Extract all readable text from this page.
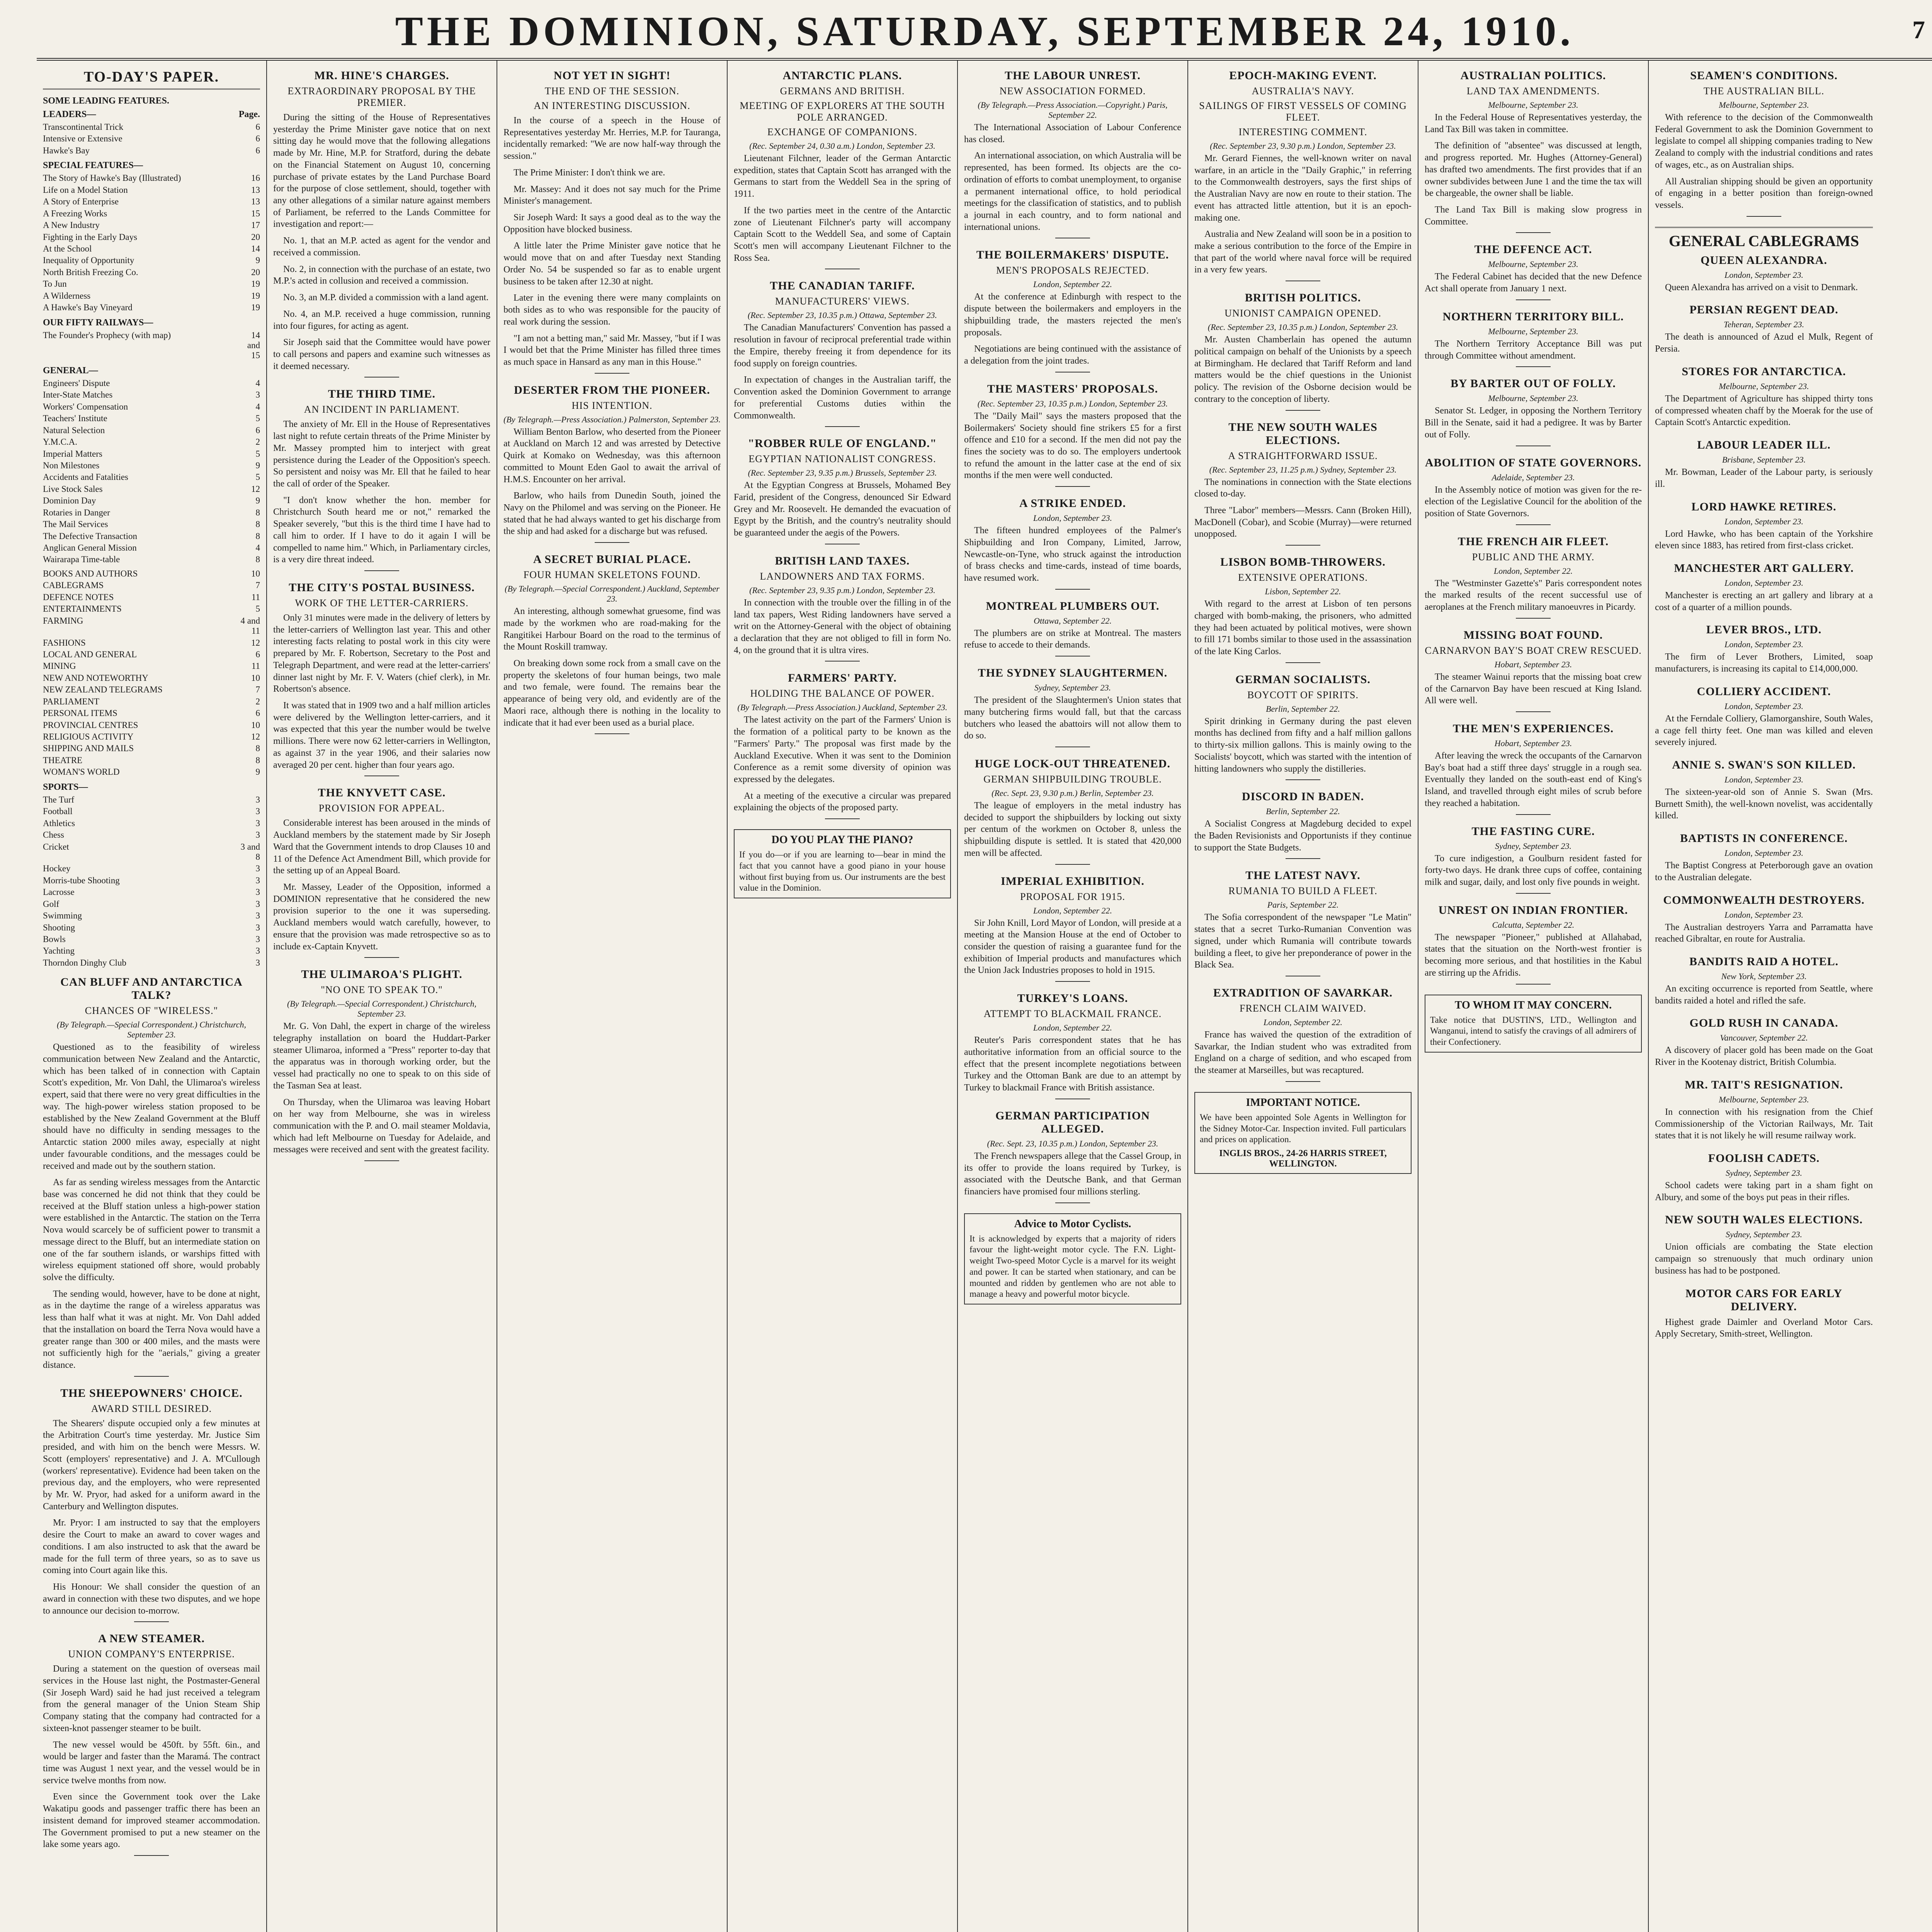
THE DOMINION, SATURDAY, SEPTEMBER 24, 1910.	7
TO-DAY'S PAPER.
SOME LEADING FEATURES.
LEADERS—	Page.
Transcontinental Trick	6
Intensive or Extensive	6
Hawke's Bay	6
SPECIAL FEATURES—
The Story of Hawke's Bay (Illustrated)	16
Life on a Model Station	13
A Story of Enterprise	13
A Freezing Works	15
A New Industry	17
Fighting in the Early Days	20
At the School	14
Inequality of Opportunity	9
North British Freezing Co.	20
To Jun	19
A Wilderness	19
A Hawke's Bay Vineyard	19
OUR FIFTY RAILWAYS—
The Founder's Prophecy (with map)	14 and 15
GENERAL—
Engineers' Dispute	4
Inter-State Matches	3
Workers' Compensation	4
Teachers' Institute	5
Natural Selection	6
Y.M.C.A.	2
Imperial Matters	5
Non Milestones	9
Accidents and Fatalities	5
Live Stock Sales	12
Dominion Day	9
Rotaries in Danger	8
The Mail Services	8
The Defective Transaction	8
Anglican General Mission	4
Wairarapa Time-table	8
BOOKS AND AUTHORS	10
CABLEGRAMS	7
DEFENCE NOTES	11
ENTERTAINMENTS	5
FARMING	4 and 11
FASHIONS	12
LOCAL AND GENERAL	6
MINING	11
NEW AND NOTEWORTHY	10
NEW ZEALAND TELEGRAMS	7
PARLIAMENT	2
PERSONAL ITEMS	6
PROVINCIAL CENTRES	10
RELIGIOUS ACTIVITY	12
SHIPPING AND MAILS	8
THEATRE	8
WOMAN'S WORLD	9
SPORTS—
The Turf	3
Football	3
Athletics	3
Chess	3
Cricket	3 and 8
Hockey	3
Morris-tube Shooting	3
Lacrosse	3
Golf	3
Swimming	3
Shooting	3
Bowls	3
Yachting	3
Thorndon Dinghy Club	3
CAN BLUFF AND ANTARCTICA TALK?
CHANCES OF "WIRELESS."
(By Telegraph.—Special Correspondent.) Christchurch, September 23.

Questioned as to the feasibility of wireless communication between New Zealand and the Antarctic, which has been talked of in connection with Captain Scott's expedition, Mr. Von Dahl, the Ulimaroa's wireless expert, said that there were no very great difficulties in the way. The high-power wireless station proposed to be established by the New Zealand Government at the Bluff should have no difficulty in sending messages to the Antarctic station 2000 miles away, especially at night under favourable conditions, and the messages could be received and made out by the southern station.

As far as sending wireless messages from the Antarctic base was concerned he did not think that they could be received at the Bluff station unless a high-power station were established in the Antarctic. The station on the Terra Nova would scarcely be of sufficient power to transmit a message direct to the Bluff, but an intermediate station on one of the far southern islands, or warships fitted with wireless equipment stationed off shore, would probably solve the difficulty.

The sending would, however, have to be done at night, as in the daytime the range of a wireless apparatus was less than half what it was at night. Mr. Von Dahl added that the installation on board the Terra Nova would have a greater range than 300 or 400 miles, and the masts were not sufficiently high for the "aerials," giving a greater distance.

THE SHEEPOWNERS' CHOICE.
AWARD STILL DESIRED.

The Shearers' dispute occupied only a few minutes at the Arbitration Court's time yesterday. Mr. Justice Sim presided, and with him on the bench were Messrs. W. Scott (employers' representative) and J. A. M'Cullough (workers' representative). Evidence had been taken on the previous day, and the employers, who were represented by Mr. W. Pryor, had asked for a uniform award in the Canterbury and Wellington disputes.

Mr. Pryor: I am instructed to say that the employers desire the Court to make an award to cover wages and conditions. I am also instructed to ask that the award be made for the full term of three years, so as to save us coming into Court again like this.

His Honour: We shall consider the question of an award in connection with these two disputes, and we hope to announce our decision to-morrow.

A NEW STEAMER.
UNION COMPANY'S ENTERPRISE.

During a statement on the question of overseas mail services in the House last night, the Postmaster-General (Sir Joseph Ward) said he had just received a telegram from the general manager of the Union Steam Ship Company stating that the company had contracted for a sixteen-knot passenger steamer to be built.

The new vessel would be 450ft. by 55ft. 6in., and would be larger and faster than the Maramá. The contract time was August 1 next year, and the vessel would be in service twelve months from now.

Even since the Government took over the Lake Wakatipu goods and passenger traffic there has been an insistent demand for improved steamer accommodation. The Government promised to put a new steamer on the lake some years ago.

MR. HINE'S CHARGES.
EXTRAORDINARY PROPOSAL BY THE PREMIER.

During the sitting of the House of Representatives yesterday the Prime Minister gave notice that on next sitting day he would move that the following allegations made by Mr. Hine, M.P. for Stratford, during the debate on the Financial Statement on August 10, concerning purchase of private estates by the Land Purchase Board for the purpose of close settlement, should, together with any other allegations of a similar nature against members of Parliament, be referred to the Lands Committee for investigation and report:—

No. 1, that an M.P. acted as agent for the vendor and received a commission.

No. 2, in connection with the purchase of an estate, two M.P.'s acted in collusion and received a commission.

No. 3, an M.P. divided a commission with a land agent.

No. 4, an M.P. received a huge commission, running into four figures, for acting as agent.

Sir Joseph said that the Committee would have power to call persons and papers and examine such witnesses as it deemed necessary.

THE THIRD TIME.
AN INCIDENT IN PARLIAMENT.

The anxiety of Mr. Ell in the House of Representatives last night to refute certain threats of the Prime Minister by Mr. Massey prompted him to interject with great persistence during the Leader of the Opposition's speech. So persistent and noisy was Mr. Ell that he failed to hear the call of order of the Speaker.

"I don't know whether the hon. member for Christchurch South heard me or not," remarked the Speaker severely, "but this is the third time I have had to call him to order. If I have to do it again I will be compelled to name him." Which, in Parliamentary circles, is a very dire threat indeed.

THE CITY'S POSTAL BUSINESS.
WORK OF THE LETTER-CARRIERS.

Only 31 minutes were made in the delivery of letters by the letter-carriers of Wellington last year. This and other interesting facts relating to postal work in this city were prepared by Mr. F. Robertson, Secretary to the Post and Telegraph Department, and were read at the letter-carriers' dinner last night by Mr. F. V. Waters (chief clerk), in Mr. Robertson's absence.

It was stated that in 1909 two and a half million articles were delivered by the Wellington letter-carriers, and it was expected that this year the number would be twelve millions. There were now 62 letter-carriers in Wellington, as against 37 in the year 1906, and their salaries now averaged 20 per cent. higher than four years ago.

THE KNYVETT CASE.
PROVISION FOR APPEAL.

Considerable interest has been aroused in the minds of Auckland members by the statement made by Sir Joseph Ward that the Government intends to drop Clauses 10 and 11 of the Defence Act Amendment Bill, which provide for the setting up of an Appeal Board.

Mr. Massey, Leader of the Opposition, informed a DOMINION representative that he considered the new provision superior to the one it was superseding. Auckland members would watch carefully, however, to ensure that the provision was made retrospective so as to include ex-Captain Knyvett.

THE ULIMAROA'S PLIGHT.
"NO ONE TO SPEAK TO."
(By Telegraph.—Special Correspondent.) Christchurch, September 23.

Mr. G. Von Dahl, the expert in charge of the wireless telegraphy installation on board the Huddart-Parker steamer Ulimaroa, informed a "Press" reporter to-day that the apparatus was in thorough working order, but the vessel had practically no one to speak to on this side of the Tasman Sea at least.

On Thursday, when the Ulimaroa was leaving Hobart on her way from Melbourne, she was in wireless communication with the P. and O. mail steamer Moldavia, which had left Melbourne on Tuesday for Adelaide, and messages were received and sent with the greatest facility.

NOT YET IN SIGHT!
THE END OF THE SESSION.
AN INTERESTING DISCUSSION.

In the course of a speech in the House of Representatives yesterday Mr. Herries, M.P. for Tauranga, incidentally remarked: "We are now half-way through the session."

The Prime Minister: I don't think we are.

Mr. Massey: And it does not say much for the Prime Minister's management.

Sir Joseph Ward: It says a good deal as to the way the Opposition have blocked business.

A little later the Prime Minister gave notice that he would move that on and after Tuesday next Standing Order No. 54 be suspended so far as to enable urgent business to be taken after 12.30 at night.

Later in the evening there were many complaints on both sides as to who was responsible for the paucity of real work during the session.

"I am not a betting man," said Mr. Massey, "but if I was I would bet that the Prime Minister has filled three times as much space in Hansard as any man in this House."

DESERTER FROM THE PIONEER.
HIS INTENTION.
(By Telegraph.—Press Association.) Palmerston, September 23.

William Benton Barlow, who deserted from the Pioneer at Auckland on March 12 and was arrested by Detective Quirk at Komako on Wednesday, was this afternoon committed to Mount Eden Gaol to await the arrival of H.M.S. Encounter on her arrival.

Barlow, who hails from Dunedin South, joined the Navy on the Philomel and was serving on the Pioneer. He stated that he had always wanted to get his discharge from the ship and had asked for a discharge but was refused.

A SECRET BURIAL PLACE.
FOUR HUMAN SKELETONS FOUND.
(By Telegraph.—Special Correspondent.) Auckland, September 23.

An interesting, although somewhat gruesome, find was made by the workmen who are road-making for the Rangitikei Harbour Board on the road to the terminus of the Mount Roskill tramway.

On breaking down some rock from a small cave on the property the skeletons of four human beings, two male and two female, were found. The remains bear the appearance of being very old, and evidently are of the Maori race, although there is nothing in the locality to indicate that it had ever been used as a burial place.

ANTARCTIC PLANS.
GERMANS AND BRITISH.
MEETING OF EXPLORERS AT THE SOUTH POLE ARRANGED.
EXCHANGE OF COMPANIONS.
(Rec. September 24, 0.30 a.m.) London, September 23.

Lieutenant Filchner, leader of the German Antarctic expedition, states that Captain Scott has arranged with the Germans to start from the Weddell Sea in the spring of 1911.

If the two parties meet in the centre of the Antarctic zone of Lieutenant Filchner's party will accompany Captain Scott to the Weddell Sea, and some of Captain Scott's men will accompany Lieutenant Filchner to the Ross Sea.

THE CANADIAN TARIFF.
MANUFACTURERS' VIEWS.
(Rec. September 23, 10.35 p.m.) Ottawa, September 23.

The Canadian Manufacturers' Convention has passed a resolution in favour of reciprocal preferential trade within the Empire, thereby freeing it from dependence for its food supply on foreign countries.

In expectation of changes in the Australian tariff, the Convention asked the Dominion Government to arrange for preferential Customs duties within the Commonwealth.

"ROBBER RULE OF ENGLAND."
EGYPTIAN NATIONALIST CONGRESS.
(Rec. September 23, 9.35 p.m.) Brussels, September 23.

At the Egyptian Congress at Brussels, Mohamed Bey Farid, president of the Congress, denounced Sir Edward Grey and Mr. Roosevelt. He demanded the evacuation of Egypt by the British, and the country's neutrality should be guaranteed under the aegis of the Powers.

BRITISH LAND TAXES.
LANDOWNERS AND TAX FORMS.
(Rec. September 23, 9.35 p.m.) London, September 23.

In connection with the trouble over the filling in of the land tax papers, West Riding landowners have served a writ on the Attorney-General with the object of obtaining a declaration that they are not obliged to fill in form No. 4, on the ground that it is ultra vires.

FARMERS' PARTY.
HOLDING THE BALANCE OF POWER.
(By Telegraph.—Press Association.) Auckland, September 23.

The latest activity on the part of the Farmers' Union is the formation of a political party to be known as the "Farmers' Party." The proposal was first made by the Auckland Executive. When it was sent to the Dominion Conference as a remit some diversity of opinion was expressed by the delegates.

At a meeting of the executive a circular was prepared explaining the objects of the proposed party.

DO YOU PLAY THE PIANO?

If you do—or if you are learning to—bear in mind the fact that you cannot have a good piano in your house without first buying from us. Our instruments are the best value in the Dominion.

THE LABOUR UNREST.
NEW ASSOCIATION FORMED.
(By Telegraph.—Press Association.—Copyright.) Paris, September 22.

The International Association of Labour Conference has closed.

An international association, on which Australia will be represented, has been formed. Its objects are the co-ordination of efforts to combat unemployment, to organise a permanent international office, to hold periodical meetings for the classification of statistics, and to publish a journal in each country, and to form national and international unions.

THE BOILERMAKERS' DISPUTE.
MEN'S PROPOSALS REJECTED.
London, September 22.

At the conference at Edinburgh with respect to the dispute between the boilermakers and employers in the shipbuilding trade, the masters rejected the men's proposals.

Negotiations are being continued with the assistance of a delegation from the joint trades.

THE MASTERS' PROPOSALS.
(Rec. September 23, 10.35 p.m.) London, September 23.

The "Daily Mail" says the masters proposed that the Boilermakers' Society should fine strikers £5 for a first offence and £10 for a second. If the men did not pay the fines the society was to do so. The employers undertook to refund the amount in the latter case at the end of six months if the men were well conducted.

A STRIKE ENDED.
London, September 23.

The fifteen hundred employees of the Palmer's Shipbuilding and Iron Company, Limited, Jarrow, Newcastle-on-Tyne, who struck against the introduction of brass checks and time-cards, instead of time boards, have resumed work.

MONTREAL PLUMBERS OUT.
Ottawa, September 22.

The plumbers are on strike at Montreal. The masters refuse to accede to their demands.

THE SYDNEY SLAUGHTERMEN.
Sydney, September 23.

The president of the Slaughtermen's Union states that many butchering firms would fall, but that the carcass butchers who leased the abattoirs will not allow them to do so.

HUGE LOCK-OUT THREATENED.
GERMAN SHIPBUILDING TROUBLE.
(Rec. Sept. 23, 9.30 p.m.) Berlin, September 23.

The league of employers in the metal industry has decided to support the shipbuilders by locking out sixty per centum of the workmen on October 8, unless the shipbuilding dispute is settled. It is stated that 420,000 men will be affected.

IMPERIAL EXHIBITION.
PROPOSAL FOR 1915.
London, September 22.

Sir John Knill, Lord Mayor of London, will preside at a meeting at the Mansion House at the end of October to consider the question of raising a guarantee fund for the exhibition of Imperial products and manufactures which the Union Jack Industries proposes to hold in 1915.

TURKEY'S LOANS.
ATTEMPT TO BLACKMAIL FRANCE.
London, September 22.

Reuter's Paris correspondent states that he has authoritative information from an official source to the effect that the present incomplete negotiations between Turkey and the Ottoman Bank are due to an attempt by Turkey to blackmail France with British assistance.

GERMAN PARTICIPATION ALLEGED.
(Rec. Sept. 23, 10.35 p.m.) London, September 23.

The French newspapers allege that the Cassel Group, in its offer to provide the loans required by Turkey, is associated with the Deutsche Bank, and that German financiers have promised four millions sterling.

Advice to Motor Cyclists.

It is acknowledged by experts that a majority of riders favour the light-weight motor cycle. The F.N. Light-weight Two-speed Motor Cycle is a marvel for its weight and power. It can be started when stationary, and can be mounted and ridden by gentlemen who are not able to manage a heavy and powerful motor bicycle.

EPOCH-MAKING EVENT.
AUSTRALIA'S NAVY.
SAILINGS OF FIRST VESSELS OF COMING FLEET.
INTERESTING COMMENT.
(Rec. September 23, 9.30 p.m.) London, September 23.

Mr. Gerard Fiennes, the well-known writer on naval warfare, in an article in the "Daily Graphic," in referring to the Commonwealth destroyers, says the first ships of the Australian Navy are now en route to their station. The event has attracted little attention, but it is an epoch-making one.

Australia and New Zealand will soon be in a position to make a serious contribution to the force of the Empire in that part of the world where naval force will be required in a very few years.

BRITISH POLITICS.
UNIONIST CAMPAIGN OPENED.
(Rec. September 23, 10.35 p.m.) London, September 23.

Mr. Austen Chamberlain has opened the autumn political campaign on behalf of the Unionists by a speech at Birmingham. He declared that Tariff Reform and land matters would be the chief questions in the Unionist policy. The revision of the Osborne decision would be contrary to the conception of liberty.

THE NEW SOUTH WALES ELECTIONS.
A STRAIGHTFORWARD ISSUE.
(Rec. September 23, 11.25 p.m.) Sydney, September 23.

The nominations in connection with the State elections closed to-day.

Three "Labor" members—Messrs. Cann (Broken Hill), MacDonell (Cobar), and Scobie (Murray)—were returned unopposed.

LISBON BOMB-THROWERS.
EXTENSIVE OPERATIONS.
Lisbon, September 22.

With regard to the arrest at Lisbon of ten persons charged with bomb-making, the prisoners, who admitted they had been actuated by political motives, were shown to fill 171 bombs similar to those used in the assassination of the late King Carlos.

GERMAN SOCIALISTS.
BOYCOTT OF SPIRITS.
Berlin, September 22.

Spirit drinking in Germany during the past eleven months has declined from fifty and a half million gallons to thirty-six million gallons. This is mainly owing to the Socialists' boycott, which was started with the intention of hitting landowners who supply the distilleries.

DISCORD IN BADEN.
Berlin, September 22.

A Socialist Congress at Magdeburg decided to expel the Baden Revisionists and Opportunists if they continue to support the State Budgets.

THE LATEST NAVY.
RUMANIA TO BUILD A FLEET.
Paris, September 22.

The Sofia correspondent of the newspaper "Le Matin" states that a secret Turko-Rumanian Convention was signed, under which Rumania will contribute towards building a fleet, to give her preponderance of power in the Black Sea.

EXTRADITION OF SAVARKAR.
FRENCH CLAIM WAIVED.
London, September 22.

France has waived the question of the extradition of Savarkar, the Indian student who was extradited from England on a charge of sedition, and who escaped from the steamer at Marseilles, but was recaptured.

IMPORTANT NOTICE.

We have been appointed Sole Agents in Wellington for the Sidney Motor-Car. Inspection invited. Full particulars and prices on application.

INGLIS BROS., 24-26 HARRIS STREET, WELLINGTON.
AUSTRALIAN POLITICS.
LAND TAX AMENDMENTS.
Melbourne, September 23.

In the Federal House of Representatives yesterday, the Land Tax Bill was taken in committee.

The definition of "absentee" was discussed at length, and progress reported. Mr. Hughes (Attorney-General) has drafted two amendments. The first provides that if an owner subdivides between June 1 and the time the tax will be chargeable, the owner shall be liable.

The Land Tax Bill is making slow progress in Committee.

THE DEFENCE ACT.
Melbourne, September 23.

The Federal Cabinet has decided that the new Defence Act shall operate from January 1 next.

NORTHERN TERRITORY BILL.
Melbourne, September 23.

The Northern Territory Acceptance Bill was put through Committee without amendment.

BY BARTER OUT OF FOLLY.
Melbourne, September 23.

Senator St. Ledger, in opposing the Northern Territory Bill in the Senate, said it had a pedigree. It was by Barter out of Folly.

ABOLITION OF STATE GOVERNORS.
Adelaide, September 23.

In the Assembly notice of motion was given for the re-election of the Legislative Council for the abolition of the position of State Governors.

THE FRENCH AIR FLEET.
PUBLIC AND THE ARMY.
London, September 22.

The "Westminster Gazette's" Paris correspondent notes the marked results of the recent successful use of aeroplanes at the French military manoeuvres in Picardy.

MISSING BOAT FOUND.
CARNARVON BAY'S BOAT CREW RESCUED.
Hobart, September 23.

The steamer Wainui reports that the missing boat crew of the Carnarvon Bay have been rescued at King Island. All were well.

THE MEN'S EXPERIENCES.
Hobart, September 23.

After leaving the wreck the occupants of the Carnarvon Bay's boat had a stiff three days' struggle in a rough sea. Eventually they landed on the south-east end of King's Island, and travelled through eight miles of scrub before they reached a habitation.

THE FASTING CURE.
Sydney, September 23.

To cure indigestion, a Goulburn resident fasted for forty-two days. He drank three cups of coffee, containing milk and sugar, daily, and lost only five pounds in weight.

UNREST ON INDIAN FRONTIER.
Calcutta, September 22.

The newspaper "Pioneer," published at Allahabad, states that the situation on the North-west frontier is becoming more serious, and that hostilities in the Kabul are stirring up the Afridis.

TO WHOM IT MAY CONCERN.

Take notice that DUSTIN'S, LTD., Wellington and Wanganui, intend to satisfy the cravings of all admirers of their Confectionery.

SEAMEN'S CONDITIONS.
THE AUSTRALIAN BILL.
Melbourne, September 23.

With reference to the decision of the Commonwealth Federal Government to ask the Dominion Government to legislate to compel all shipping companies trading to New Zealand to comply with the industrial conditions and rates of wages, etc., as on Australian ships.

All Australian shipping should be given an opportunity of engaging in a better position than foreign-owned vessels.

GENERAL CABLEGRAMS
QUEEN ALEXANDRA.
London, September 23.

Queen Alexandra has arrived on a visit to Denmark.

PERSIAN REGENT DEAD.
Teheran, September 23.

The death is announced of Azud el Mulk, Regent of Persia.

STORES FOR ANTARCTICA.
Melbourne, September 23.

The Department of Agriculture has shipped thirty tons of compressed wheaten chaff by the Moerak for the use of Captain Scott's Antarctic expedition.

LABOUR LEADER ILL.
Brisbane, September 23.

Mr. Bowman, Leader of the Labour party, is seriously ill.

LORD HAWKE RETIRES.
London, September 23.

Lord Hawke, who has been captain of the Yorkshire eleven since 1883, has retired from first-class cricket.

MANCHESTER ART GALLERY.
London, September 23.

Manchester is erecting an art gallery and library at a cost of a quarter of a million pounds.

LEVER BROS., LTD.
London, September 23.

The firm of Lever Brothers, Limited, soap manufacturers, is increasing its capital to £14,000,000.

COLLIERY ACCIDENT.
London, September 23.

At the Ferndale Colliery, Glamorganshire, South Wales, a cage fell thirty feet. One man was killed and eleven severely injured.

ANNIE S. SWAN'S SON KILLED.
London, September 23.

The sixteen-year-old son of Annie S. Swan (Mrs. Burnett Smith), the well-known novelist, was accidentally killed.

BAPTISTS IN CONFERENCE.
London, September 23.

The Baptist Congress at Peterborough gave an ovation to the Australian delegate.

COMMONWEALTH DESTROYERS.
London, September 23.

The Australian destroyers Yarra and Parramatta have reached Gibraltar, en route for Australia.

BANDITS RAID A HOTEL.
New York, September 23.

An exciting occurrence is reported from Seattle, where bandits raided a hotel and rifled the safe.

GOLD RUSH IN CANADA.
Vancouver, September 22.

A discovery of placer gold has been made on the Goat River in the Kootenay district, British Columbia.

MR. TAIT'S RESIGNATION.
Melbourne, September 23.

In connection with his resignation from the Chief Commissionership of the Victorian Railways, Mr. Tait states that it is not likely he will resume railway work.

FOOLISH CADETS.
Sydney, September 23.

School cadets were taking part in a sham fight on Albury, and some of the boys put peas in their rifles.

NEW SOUTH WALES ELECTIONS.
Sydney, September 23.

Union officials are combating the State election campaign so strenuously that much ordinary union business has had to be postponed.

MOTOR CARS FOR EARLY DELIVERY.

Highest grade Daimler and Overland Motor Cars. Apply Secretary, Smith-street, Wellington.
